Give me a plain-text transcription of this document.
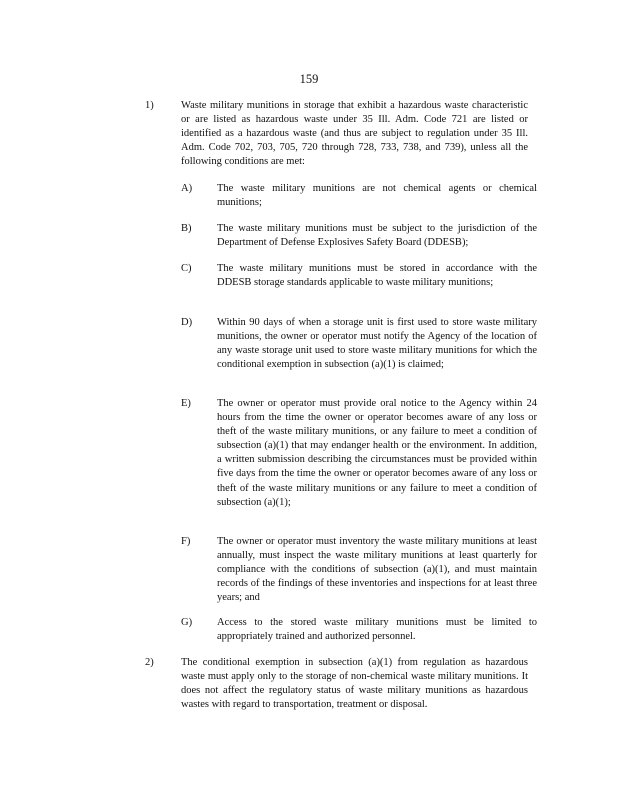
159
1)	Waste military munitions in storage that exhibit a hazardous waste characteristic or are listed as hazardous waste under 35 Ill. Adm. Code 721 are listed or identified as a hazardous waste (and thus are subject to regulation under 35 Ill. Adm. Code 702, 703, 705, 720 through 728, 733, 738, and 739), unless all the following conditions are met:
A) The waste military munitions are not chemical agents or chemical munitions;
B) The waste military munitions must be subject to the jurisdiction of the Department of Defense Explosives Safety Board (DDESB);
C) The waste military munitions must be stored in accordance with the DDESB storage standards applicable to waste military munitions;
D) Within 90 days of when a storage unit is first used to store waste military munitions, the owner or operator must notify the Agency of the location of any waste storage unit used to store waste military munitions for which the conditional exemption in subsection (a)(1) is claimed;
E) The owner or operator must provide oral notice to the Agency within 24 hours from the time the owner or operator becomes aware of any loss or theft of the waste military munitions, or any failure to meet a condition of subsection (a)(1) that may endanger health or the environment. In addition, a written submission describing the circumstances must be provided within five days from the time the owner or operator becomes aware of any loss or theft of the waste military munitions or any failure to meet a condition of subsection (a)(1);
F)	The owner or operator must inventory the waste military munitions at least annually, must inspect the waste military munitions at least quarterly for compliance with the conditions of subsection (a)(1), and must maintain records of the findings of these inventories and inspections for at least three years; and
G) Access to the stored waste military munitions must be limited to appropriately trained and authorized personnel.
2)	The conditional exemption in subsection (a)(1) from regulation as hazardous waste must apply only to the storage of non-chemical waste military munitions. It does not affect the regulatory status of waste military munitions as hazardous wastes with regard to transportation, treatment or disposal.
